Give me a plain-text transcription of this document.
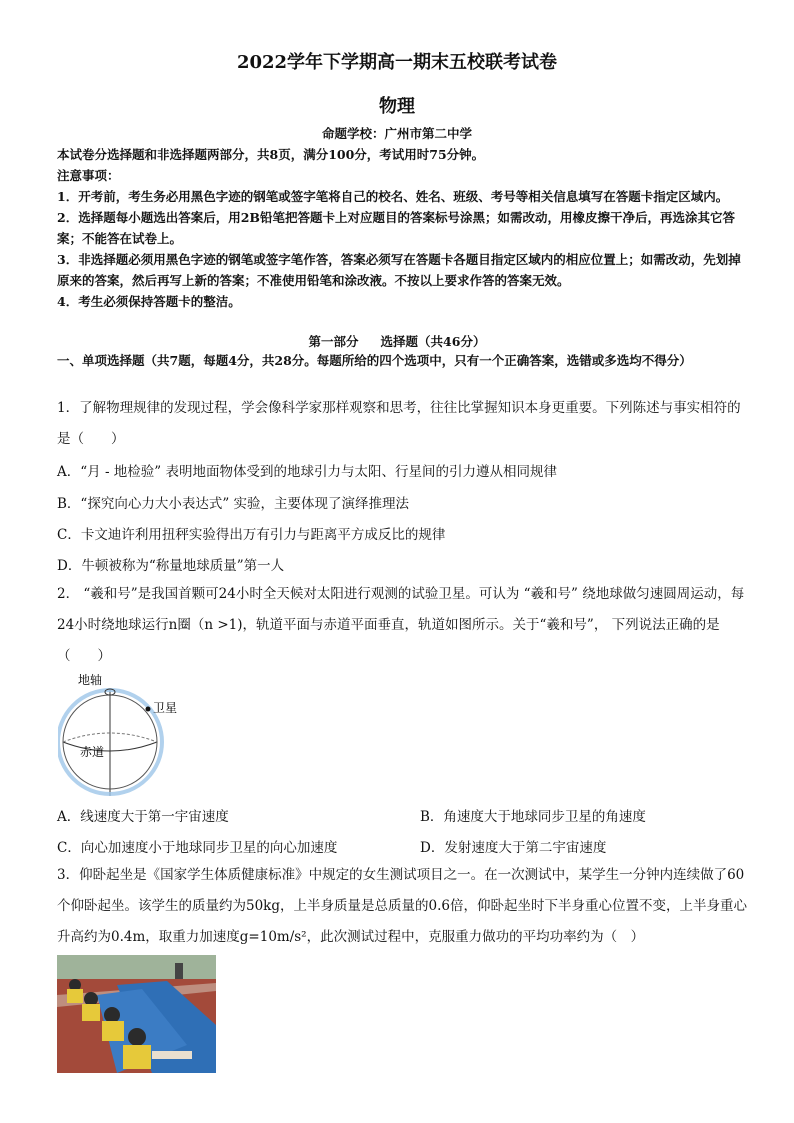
2022学年下学期高一期末五校联考试卷
物理
命题学校：广州市第二中学

本试卷分选择题和非选择题两部分，共8页，满分100分，考试用时75分钟。

注意事项：

1．开考前，考生务必用黑色字迹的钢笔或签字笔将自己的校名、姓名、班级、考号等相关信息填写在答题卡指定区域内。

2．选择题每小题选出答案后，用2B铅笔把答题卡上对应题目的答案标号涂黑；如需改动，用橡皮擦干净后，再选涂其它答案；不能答在试卷上。

3．非选择题必须用黑色字迹的钢笔或签字笔作答，答案必须写在答题卡各题目指定区域内的相应位置上；如需改动，先划掉原来的答案，然后再写上新的答案；不准使用铅笔和涂改液。不按以上要求作答的答案无效。

4．考生必须保持答题卡的整洁。

第一部分 选择题（共46分）
一、单项选择题（共7题，每题4分，共28分。每题所给的四个选项中，只有一个正确答案，选错或多选均不得分）
1．了解物理规律的发现过程，学会像科学家那样观察和思考，往往比掌握知识本身更重要。下列陈述与事实相符的是（　　）
A．“月 - 地检验” 表明地面物体受到的地球引力与太阳、行星间的引力遵从相同规律
B．“探究向心力大小表达式” 实验，主要体现了演绎推理法
C．卡文迪许利用扭秤实验得出万有引力与距离平方成反比的规律
D．牛顿被称为“称量地球质量”第一人
2． “羲和号”是我国首颗可24小时全天候对太阳进行观测的试验卫星。可认为 “羲和号” 绕地球做匀速圆周运动，每24小时绕地球运行n圈（n >1)，轨道平面与赤道平面垂直，轨道如图所示。关于“羲和号”， 下列说法正确的是（　　）
地轴
卫星
赤道
A．线速度大于第一宇宙速度	B．角速度大于地球同步卫星的角速度
C．向心加速度小于地球同步卫星的向心加速度	D．发射速度大于第二宇宙速度
3．仰卧起坐是《国家学生体质健康标准》中规定的女生测试项目之一。在一次测试中，某学生一分钟内连续做了60个仰卧起坐。该学生的质量约为50kg，上半身质量是总质量的0.6倍，仰卧起坐时下半身重心位置不变，上半身重心升高约为0.4m，取重力加速度g=10m/s²，此次测试过程中，克服重力做功的平均功率约为（　）
